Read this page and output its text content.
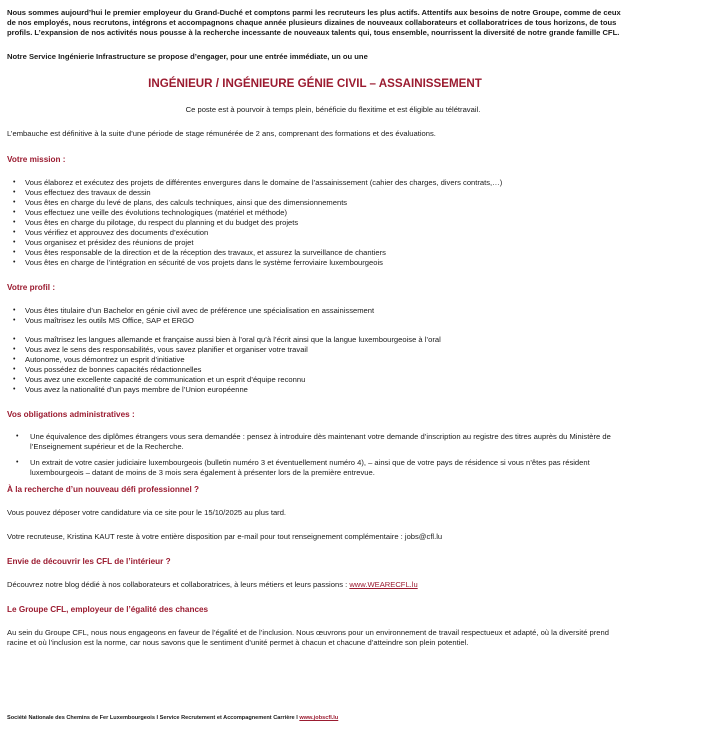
Nous sommes aujourd’hui le premier employeur du Grand-Duché et comptons parmi les recruteurs les plus actifs. Attentifs aux besoins de notre Groupe, comme de ceux de nos employés, nous recrutons, intégrons et accompagnons chaque année plusieurs dizaines de nouveaux collaborateurs et collaboratrices de tous horizons, de tous profils. L’expansion de nos activités nous pousse à la recherche incessante de nouveaux talents qui, tous ensemble, nourrissent la diversité de notre grande famille CFL.

Notre Service Ingénierie Infrastructure se propose d’engager, pour une entrée immédiate, un ou une

INGÉNIEUR / INGÉNIEURE GÉNIE CIVIL – ASSAINISSEMENT

Ce poste est à pourvoir à temps plein, bénéficie du flexitime et est éligible au télétravail.

L’embauche est définitive à la suite d’une période de stage rémunérée de 2 ans, comprenant des formations et des évaluations.

Votre mission :

• Vous élaborez et exécutez des projets de différentes envergures dans le domaine de l’assainissement (cahier des charges, divers contrats,…)
• Vous effectuez des travaux de dessin
• Vous êtes en charge du levé de plans, des calculs techniques, ainsi que des dimensionnements
• Vous effectuez une veille des évolutions technologiques (matériel et méthode)
• Vous êtes en charge du pilotage, du respect du planning et du budget des projets
• Vous vérifiez et approuvez des documents d’exécution
• Vous organisez et présidez des réunions de projet
• Vous êtes responsable de la direction et de la réception des travaux, et assurez la surveillance de chantiers
• Vous êtes en charge de l’intégration en sécurité de vos projets dans le système ferroviaire luxembourgeois

Votre profil :

• Vous êtes titulaire d’un Bachelor en génie civil avec de préférence une spécialisation en assainissement
• Vous maîtrisez les outils MS Office, SAP et ERGO
• Vous maîtrisez les langues allemande et française aussi bien à l’oral qu’à l’écrit ainsi que la langue luxembourgeoise à l’oral
• Vous avez le sens des responsabilités, vous savez planifier et organiser votre travail
• Autonome, vous démontrez un esprit d’initiative
• Vous possédez de bonnes capacités rédactionnelles
• Vous avez une excellente capacité de communication et un esprit d’équipe reconnu
• Vous avez la nationalité d’un pays membre de l’Union européenne

Vos obligations administratives :

• Une équivalence des diplômes étrangers vous sera demandée : pensez à introduire dès maintenant votre demande d’inscription au registre des titres auprès du Ministère de l’Enseignement supérieur et de la Recherche.
• Un extrait de votre casier judiciaire luxembourgeois (bulletin numéro 3 et éventuellement numéro 4), – ainsi que de votre pays de résidence si vous n’êtes pas résident luxembourgeois – datant de moins de 3 mois sera également à présenter lors de la première entrevue.

À la recherche d’un nouveau défi professionnel ?

Vous pouvez déposer votre candidature via ce site pour le 15/10/2025 au plus tard.

Votre recruteuse, Kristina KAUT reste à votre entière disposition par e-mail pour tout renseignement complémentaire : jobs@cfl.lu

Envie de découvrir les CFL de l’intérieur ?

Découvrez notre blog dédié à nos collaborateurs et collaboratrices, à leurs métiers et leurs passions : www.WEARECFL.lu

Le Groupe CFL, employeur de l’égalité des chances

Au sein du Groupe CFL, nous nous engageons en faveur de l’égalité et de l’inclusion. Nous œuvrons pour un environnement de travail respectueux et adapté, où la diversité prend racine et où l’inclusion est la norme, car nous savons que le sentiment d’unité permet à chacun et chacune d’atteindre son plein potentiel.

Société Nationale des Chemins de Fer Luxembourgeois I Service Recrutement et Accompagnement Carrière I www.jobscfl.lu
